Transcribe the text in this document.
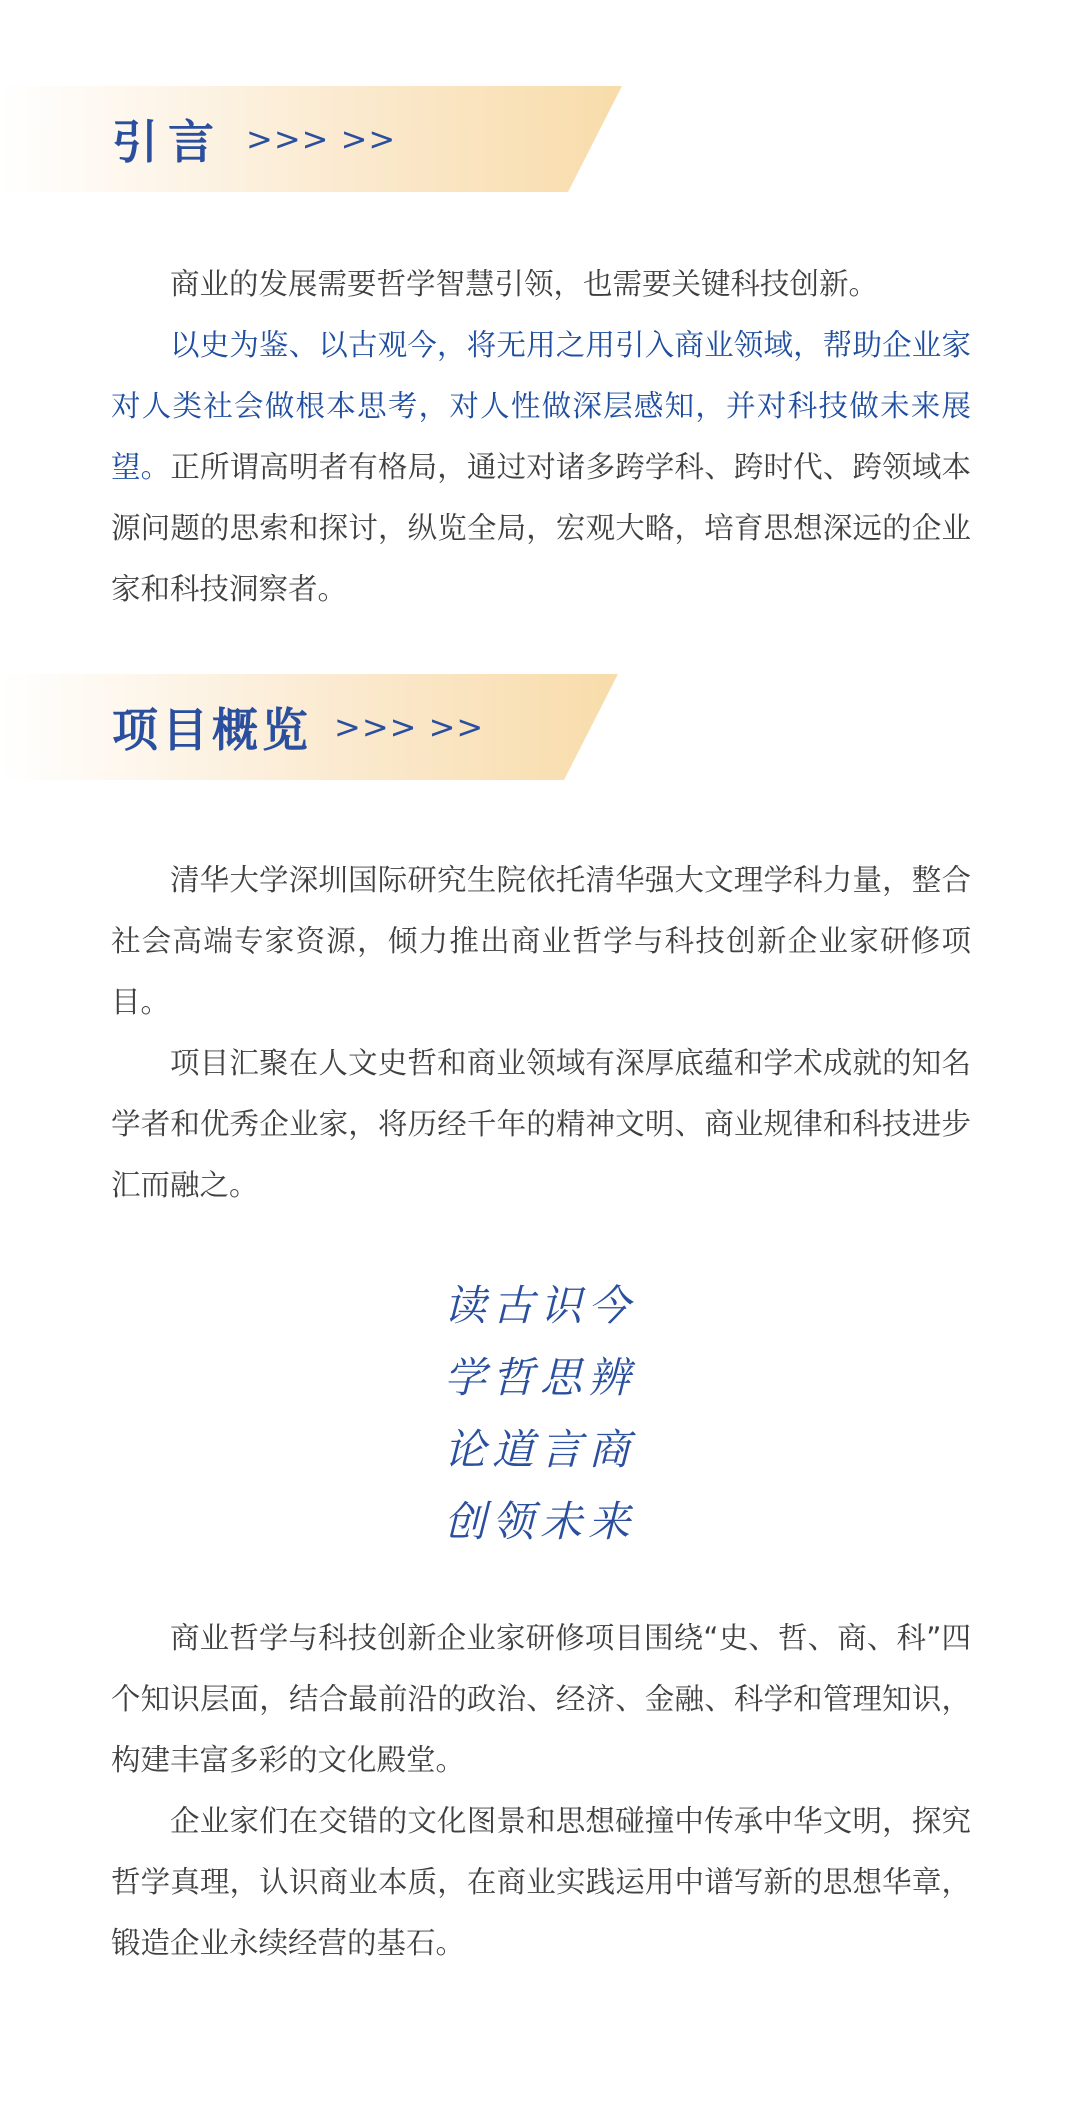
引言 >>> >>

商业的发展需要哲学智慧引领，也需要关键科技创新。

以史为鉴、以古观今，将无用之用引入商业领域，帮助企业家对人类社会做根本思考，对人性做深层感知，并对科技做未来展望。正所谓高明者有格局，通过对诸多跨学科、跨时代、跨领域本源问题的思索和探讨，纵览全局，宏观大略，培育思想深远的企业家和科技洞察者。

项目概览 >>> >>

清华大学深圳国际研究生院依托清华强大文理学科力量，整合社会高端专家资源，倾力推出商业哲学与科技创新企业家研修项目。

项目汇聚在人文史哲和商业领域有深厚底蕴和学术成就的知名学者和优秀企业家，将历经千年的精神文明、商业规律和科技进步汇而融之。

读古识今
学哲思辨
论道言商
创领未来

商业哲学与科技创新企业家研修项目围绕“史、哲、商、科”四个知识层面，结合最前沿的政治、经济、金融、科学和管理知识，构建丰富多彩的文化殿堂。

企业家们在交错的文化图景和思想碰撞中传承中华文明，探究哲学真理，认识商业本质，在商业实践运用中谱写新的思想华章，锻造企业永续经营的基石。
